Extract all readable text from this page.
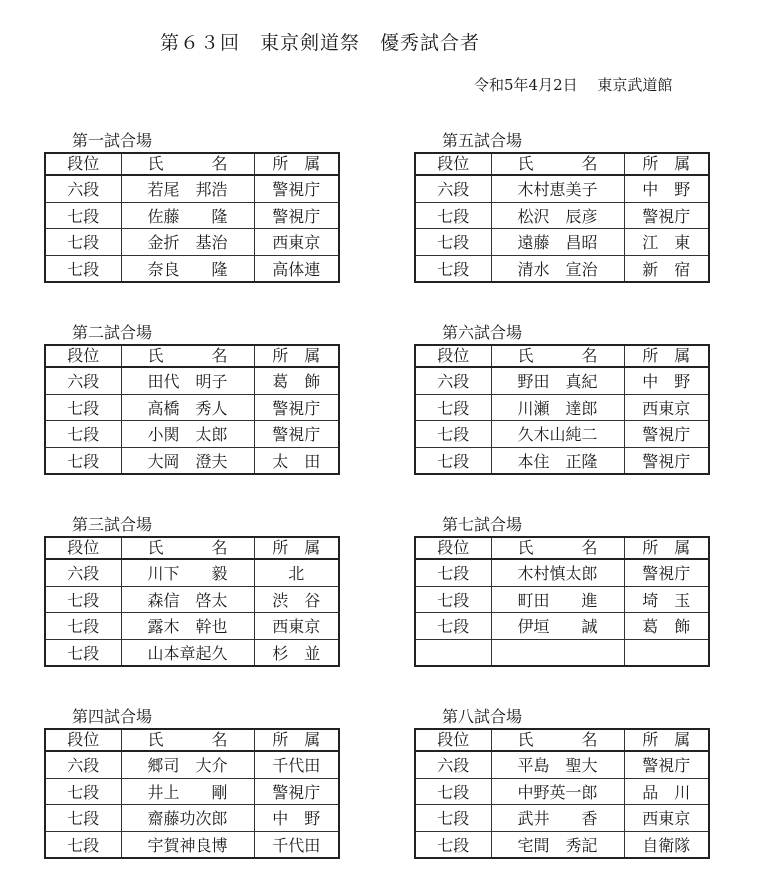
第６３回　東京剣道祭　優秀試合者
令和5年4月2日　 東京武道館
第一試合場
段位	氏　　　名	所　属
六段	若尾　邦浩	警視庁
七段	佐藤　　隆	警視庁
七段	金折　基治	西東京
七段	奈良　　隆	高体連
第五試合場
段位	氏　　　名	所　属
六段	木村恵美子	中　野
七段	松沢　辰彦	警視庁
七段	遠藤　昌昭	江　東
七段	清水　宣治	新　宿
第二試合場
段位	氏　　　名	所　属
六段	田代　明子	葛　飾
七段	高橋　秀人	警視庁
七段	小関　太郎	警視庁
七段	大岡　澄夫	太　田
第六試合場
段位	氏　　　名	所　属
六段	野田　真紀	中　野
七段	川瀬　達郎	西東京
七段	久木山純二	警視庁
七段	本住　正隆	警視庁
第三試合場
段位	氏　　　名	所　属
六段	川下　　毅	北
七段	森信　啓太	渋　谷
七段	露木　幹也	西東京
七段	山本章起久	杉　並
第七試合場
段位	氏　　　名	所　属
七段	木村慎太郎	警視庁
七段	町田　　進	埼　玉
七段	伊垣　　誠	葛　飾

第四試合場
段位	氏　　　名	所　属
六段	郷司　大介	千代田
七段	井上　　剛	警視庁
七段	齋藤功次郎	中　野
七段	宇賀神良博	千代田
第八試合場
段位	氏　　　名	所　属
六段	平島　聖大	警視庁
七段	中野英一郎	品　川
七段	武井　　香	西東京
七段	宅間　秀記	自衛隊
